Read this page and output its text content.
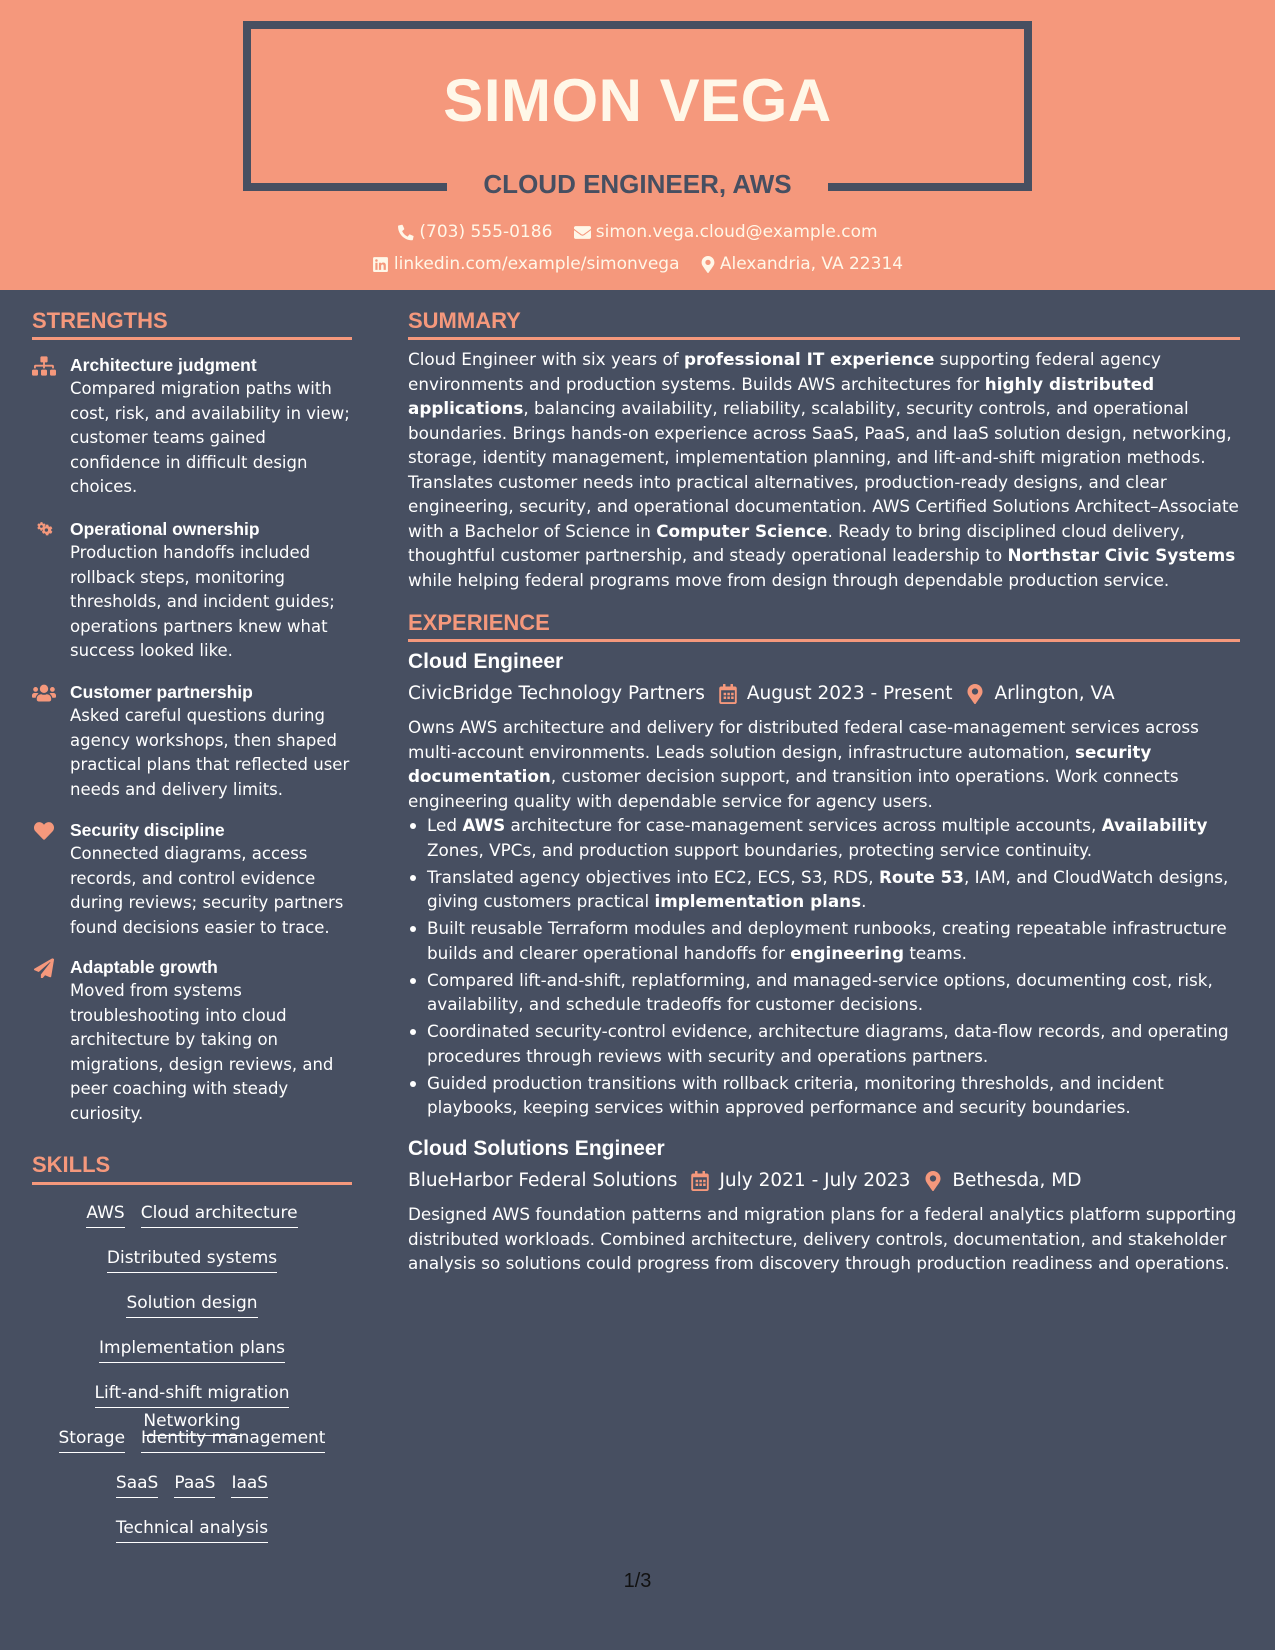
SIMON VEGA
CLOUD ENGINEER, AWS
(703) 555-0186
	simon.vega.cloud@example.com
linkedin.com/example/simonvega
Alexandria, VA 22314
STRENGTHS
Architecture judgment
Compared migration paths with cost, risk, and availability in view; customer teams gained confidence in difficult design choices.
Operational ownership
Production handoffs included rollback steps, monitoring thresholds, and incident guides; operations partners knew what success looked like.
Customer partnership
Asked careful questions during agency workshops, then shaped practical plans that reflected user needs and delivery limits.
Security discipline
Connected diagrams, access records, and control evidence during reviews; security partners found decisions easier to trace.
Adaptable growth
Moved from systems troubleshooting into cloud architecture by taking on migrations, design reviews, and peer coaching with steady curiosity.
SKILLS
AWS Cloud architecture
Distributed systems
Solution design
Implementation plans
Lift-and-shift migrationNetworking
Storage Identity management
SaaS PaaS IaaS
Technical analysis
SUMMARY
Cloud Engineer with six years of professional IT experience supporting federal agency environments and production systems. Builds AWS architectures for highly distributed applications, balancing availability, reliability, scalability, security controls, and operational boundaries. Brings hands-on experience across SaaS, PaaS, and IaaS solution design, networking, storage, identity management, implementation planning, and lift-and-shift migration methods. Translates customer needs into practical alternatives, production-ready designs, and clear engineering, security, and operational documentation. AWS Certified Solutions Architect–Associate with a Bachelor of Science in Computer Science. Ready to bring disciplined cloud delivery, thoughtful customer partnership, and steady operational leadership to Northstar Civic Systems while helping federal programs move from design through dependable production service.
EXPERIENCE
Cloud Engineer
CivicBridge Technology Partners August 2023 - Present Arlington, VA
Owns AWS architecture and delivery for distributed federal case-management services across multi-account environments. Leads solution design, infrastructure automation, security documentation, customer decision support, and transition into operations. Work connects engineering quality with dependable service for agency users.
Led AWS architecture for case-management services across multiple accounts, Availability Zones, VPCs, and production support boundaries, protecting service continuity.
Translated agency objectives into EC2, ECS, S3, RDS, Route 53, IAM, and CloudWatch designs, giving customers practical implementation plans.
Built reusable Terraform modules and deployment runbooks, creating repeatable infrastructure builds and clearer operational handoffs for engineering teams.
Compared lift-and-shift, replatforming, and managed-service options, documenting cost, risk, availability, and schedule tradeoffs for customer decisions.
Coordinated security-control evidence, architecture diagrams, data-flow records, and operating procedures through reviews with security and operations partners.
Guided production transitions with rollback criteria, monitoring thresholds, and incident playbooks, keeping services within approved performance and security boundaries.
Cloud Solutions Engineer
BlueHarbor Federal Solutions July 2021 - July 2023 Bethesda, MD
Designed AWS foundation patterns and migration plans for a federal analytics platform supporting distributed workloads. Combined architecture, delivery controls, documentation, and stakeholder analysis so solutions could progress from discovery through production readiness and operations.
1/3
